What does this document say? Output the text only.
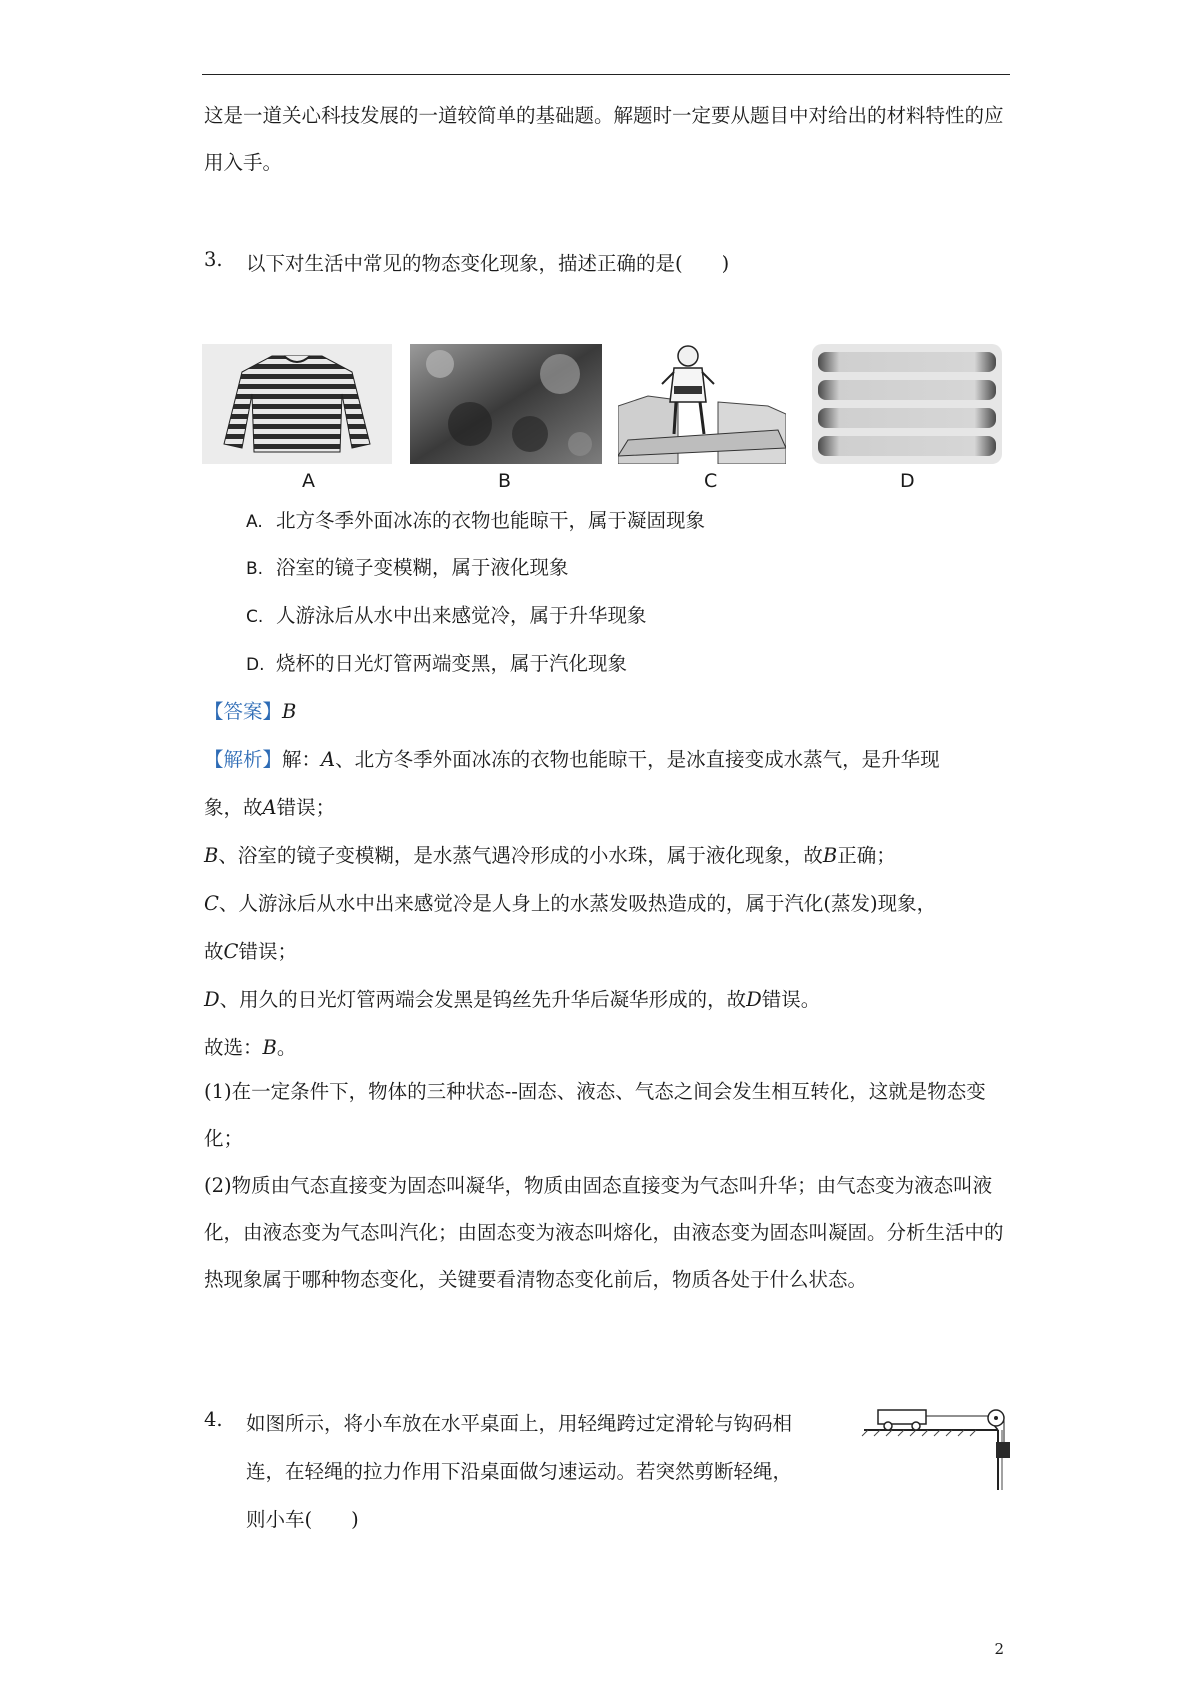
这是一道关心科技发展的一道较简单的基础题。解题时一定要从题目中对给出的材料特性的应用入手。
3. 以下对生活中常见的物态变化现象，描述正确的是(　　)
A	B	C	D
A. 北方冬季外面冰冻的衣物也能晾干，属于凝固现象
B. 浴室的镜子变模糊，属于液化现象
C. 人游泳后从水中出来感觉冷，属于升华现象
D. 烧杯的日光灯管两端变黑，属于汽化现象
【答案】B
【解析】解：A、北方冬季外面冰冻的衣物也能晾干，是冰直接变成水蒸气，是升华现
象，故A错误；
B、浴室的镜子变模糊，是水蒸气遇冷形成的小水珠，属于液化现象，故B正确；
C、人游泳后从水中出来感觉冷是人身上的水蒸发吸热造成的，属于汽化(蒸发)现象，
故C错误；
D、用久的日光灯管两端会发黑是钨丝先升华后凝华形成的，故D错误。
故选：B。
(1)在一定条件下，物体的三种状态--固态、液态、气态之间会发生相互转化，这就是物态变化；
(2)物质由气态直接变为固态叫凝华，物质由固态直接变为气态叫升华；由气态变为液态叫液化，由液态变为气态叫汽化；由固态变为液态叫熔化，由液态变为固态叫凝固。分析生活中的热现象属于哪种物态变化，关键要看清物态变化前后，物质各处于什么状态。
4. 如图所示，将小车放在水平桌面上，用轻绳跨过定滑轮与钩码相
连，在轻绳的拉力作用下沿桌面做匀速运动。若突然剪断轻绳，
则小车(　　)
2
